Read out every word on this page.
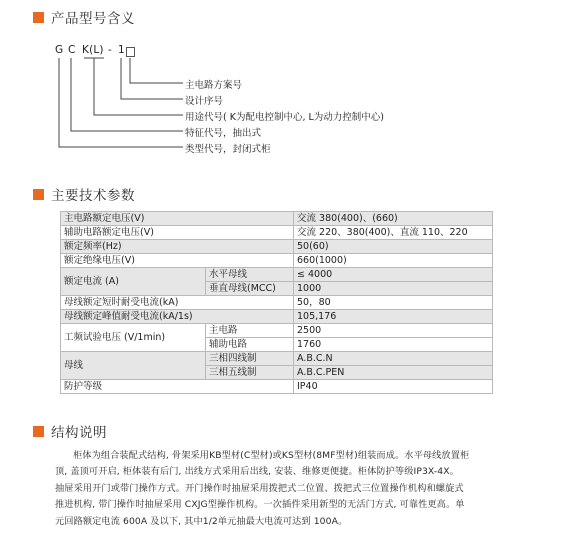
产品型号含义
G C K(L) - 1
主电路方案号
设计序号
用途代号( K为配电控制中心, L为动力控制中心)
特征代号，抽出式
类型代号，封闭式柜
主要技术参数
主电路额定电压(V)		交流 380(400)、(660)
辅助电路额定电压(V)		交流 220、380(400)、直流 110、220
额定频率(Hz)		50(60)
额定绝缘电压(V)		660(1000)
额定电流 (A)	水平母线	≤ 4000
	垂直母线(MCC)	1000
母线额定短时耐受电流(kA)		50，80
母线额定峰值耐受电流(kA/1s)		105,176
工频试验电压 (V/1min)	主电路	2500
	辅助电路	1760
母线	三相四线制	A.B.C.N
	三相五线制	A.B.C.PEN
防护等级		IP40
结构说明

柜体为组合装配式结构, 骨架采用KB型材(C型材)或KS型材(8MF型材)组装而成。水平母线放置柜

顶, 盖顶可开启, 柜体装有后门, 出线方式采用后出线, 安装、维修更便捷。柜体防护等级IP3X-4X。

抽屉采用开门或带门操作方式。开门操作时抽屉采用拨把式二位置、拨把式三位置操作机构和螺旋式

推进机构, 带门操作时抽屉采用 CXJG型操作机构。一次插件采用新型的无活门方式, 可靠性更高。单

元回路额定电流 600A 及以下, 其中1/2单元抽最大电流可达到 100A。
